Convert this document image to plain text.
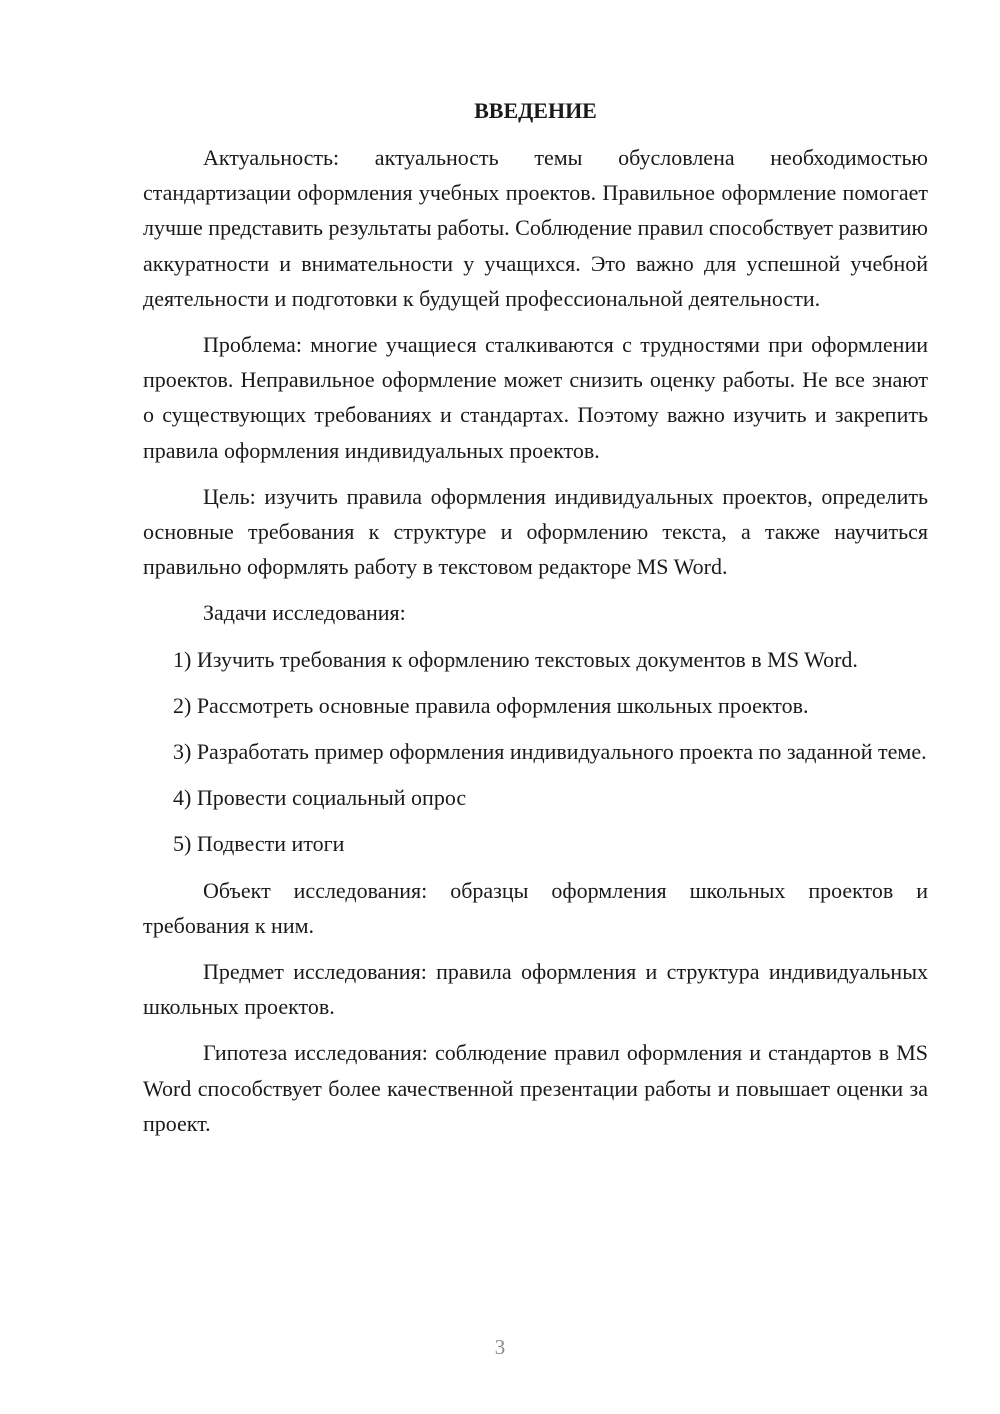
ВВЕДЕНИЕ

Актуальность: актуальность темы обусловлена необходимостью стандартизации оформления учебных проектов. Правильное оформление помогает лучше представить результаты работы. Соблюдение правил способствует развитию аккуратности и внимательности у учащихся. Это важно для успешной учебной деятельности и подготовки к будущей профессиональной деятельности.

Проблема: многие учащиеся сталкиваются с трудностями при оформлении проектов. Неправильное оформление может снизить оценку работы. Не все знают о существующих требованиях и стандартах. Поэтому важно изучить и закрепить правила оформления индивидуальных проектов.

Цель: изучить правила оформления индивидуальных проектов, определить основные требования к структуре и оформлению текста, а также научиться правильно оформлять работу в текстовом редакторе MS Word.

Задачи исследования:

1) Изучить требования к оформлению текстовых документов в MS Word.

2) Рассмотреть основные правила оформления школьных проектов.

3) Разработать пример оформления индивидуального проекта по заданной теме.

4) Провести социальный опрос

5) Подвести итоги

Объект исследования: образцы оформления школьных проектов и требования к ним.

Предмет исследования: правила оформления и структура индивидуальных школьных проектов.

Гипотеза исследования: соблюдение правил оформления и стандартов в MS Word способствует более качественной презентации работы и повышает оценки за проект.

3
